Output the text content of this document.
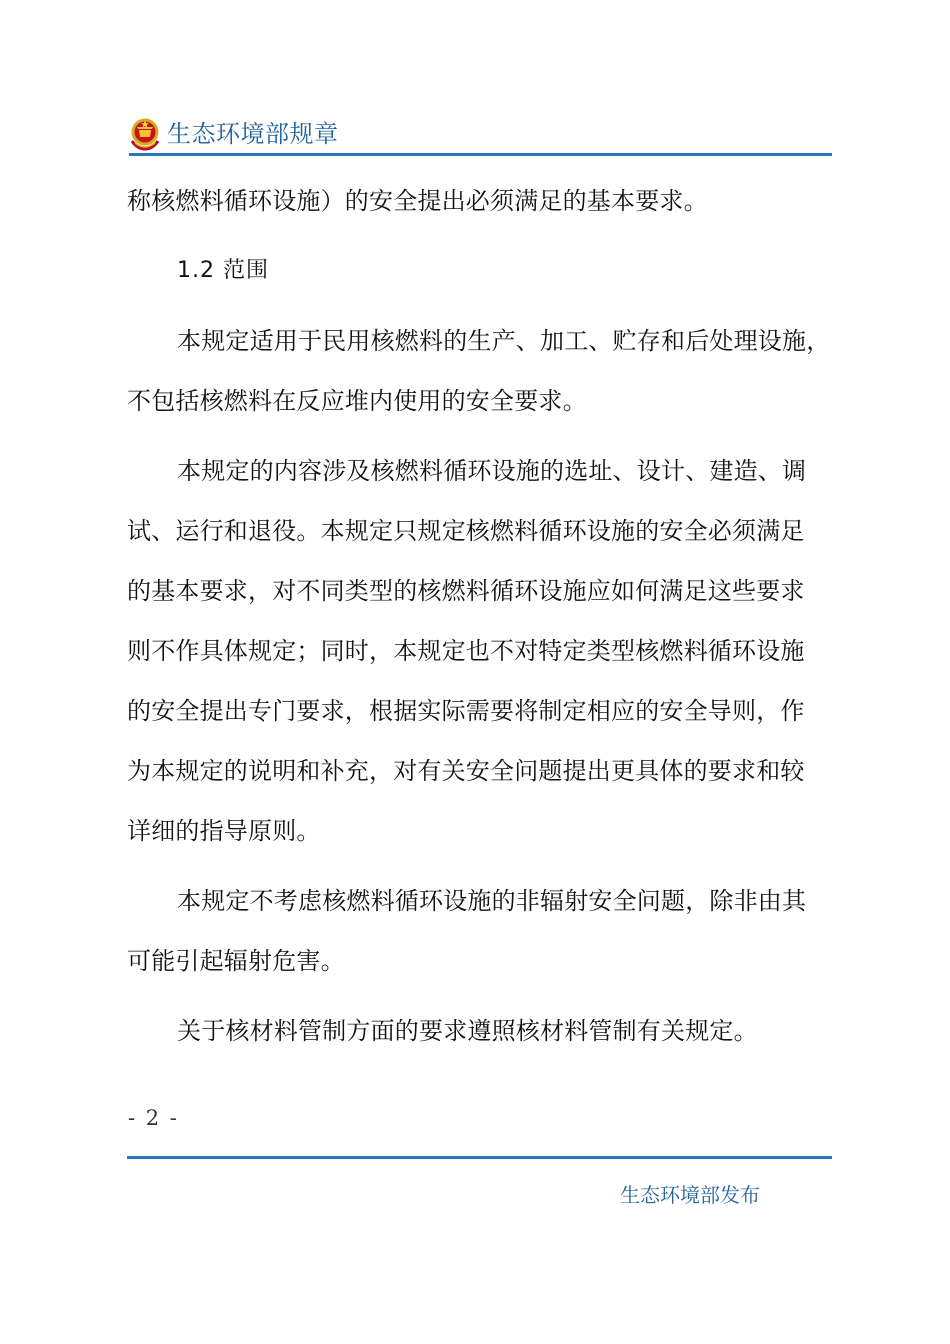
生态环境部规章

称核燃料循环设施）的安全提出必须满足的基本要求。

1.2 范围

本规定适用于民用核燃料的生产、加工、贮存和后处理设施，

不包括核燃料在反应堆内使用的安全要求。

本规定的内容涉及核燃料循环设施的选址、设计、建造、调

试、运行和退役。本规定只规定核燃料循环设施的安全必须满足

的基本要求，对不同类型的核燃料循环设施应如何满足这些要求

则不作具体规定；同时，本规定也不对特定类型核燃料循环设施

的安全提出专门要求，根据实际需要将制定相应的安全导则，作

为本规定的说明和补充，对有关安全问题提出更具体的要求和较

详细的指导原则。

本规定不考虑核燃料循环设施的非辐射安全问题，除非由其

可能引起辐射危害。

关于核材料管制方面的要求遵照核材料管制有关规定。

- 2 -
生态环境部发布
